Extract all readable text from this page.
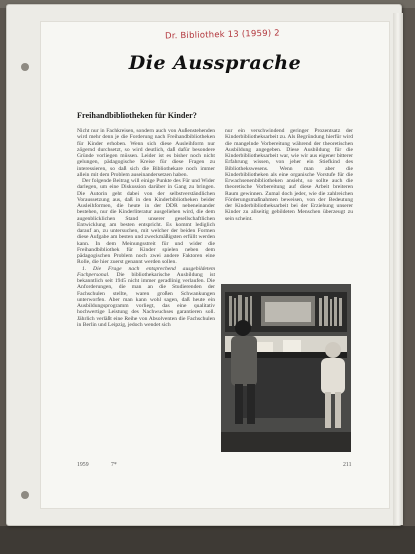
Dr. Bibliothek 13 (1959) 2
Die Aussprache
Freihandbibliotheken für Kinder?

Nicht nur in Fachkreisen, sondern auch von Außenstehenden wird mehr denn je die Forderung nach Freihandbibliotheken für Kinder erhoben. Wenn sich diese Ausleihform nur zögernd durchsetzt, so wird deutlich, daß dafür besondere Gründe vorliegen müssen. Leider ist es bisher noch nicht gelungen, pädagogische Kreise für diese Fragen zu interessieren, so daß sich die Bibliothekare noch immer allein mit dem Problem auseinandersetzen haben.

Der folgende Beitrag will einige Punkte des Für und Wider darlegen, um eine Diskussion darüber in Gang zu bringen. Die Autorin geht dabei von der selbstverständlichen Voraussetzung aus, daß in den Kinderbibliotheken beider Ausleihformen, die heute in der DDR nebeneinander bestehen, nur die Kinderliteratur ausgeliehen wird, die dem augenblicklichen Stand unserer gesellschaftlichen Entwicklung am besten entspricht. Es kommt lediglich darauf an, zu untersuchen, mit welcher der beiden Formen diese Aufgabe am besten und zweckmäßigsten erfüllt werden kann. In dem Meinungsstreit für und wider die Freihandbibliothek für Kinder spielen neben dem pädagogischen Problem noch zwei andere Faktoren eine Rolle, die hier zuerst genannt werden sollen.

1. Die Frage nach entsprechend ausgebildetem Fachpersonal. Die bibliothekarische Ausbildung ist bekanntlich seit 1945 nicht immer geradlinig verlaufen. Die Anforderungen, die man an die Studierenden der Fachschulen stellte, waren großen Schwankungen unterworfen. Aber man kann wohl sagen, daß heute ein Ausbildungsprogramm vorliegt, das eine qualitativ hochwertige Leistung des Nachwuchses garantieren soll. Jährlich verläßt eine Reihe von Absolventen die Fachschulen in Berlin und Leipzig, jedoch wendet sich

nur ein verschwindend geringer Prozentsatz der Kinderbibliotheksarbeit zu. Als Begründung hierfür wird die mangelnde Vorbereitung während der theoretischen Ausbildung angegeben. Diese Ausbildung für die Kinderbibliotheksarbeit war, wie wir aus eigener bitterer Erfahrung wissen, von jeher ein Stiefkind des Bibliothekswesens. Wenn man aber die Kinderbibliotheken als eine organische Vorstufe für die Erwachsenenbibliotheken ansieht, so sollte auch die theoretische Vorbereitung auf diese Arbeit breiteren Raum gewinnen. Zumal doch jeder, wie die zahlreichen Förderungsmaßnahmen beweisen, von der Bedeutung der Kinderbibliotheksarbeit bei der Erziehung unserer Kinder zu allseitig gebildeten Menschen überzeugt zu sein scheint.

1959	7*	211
